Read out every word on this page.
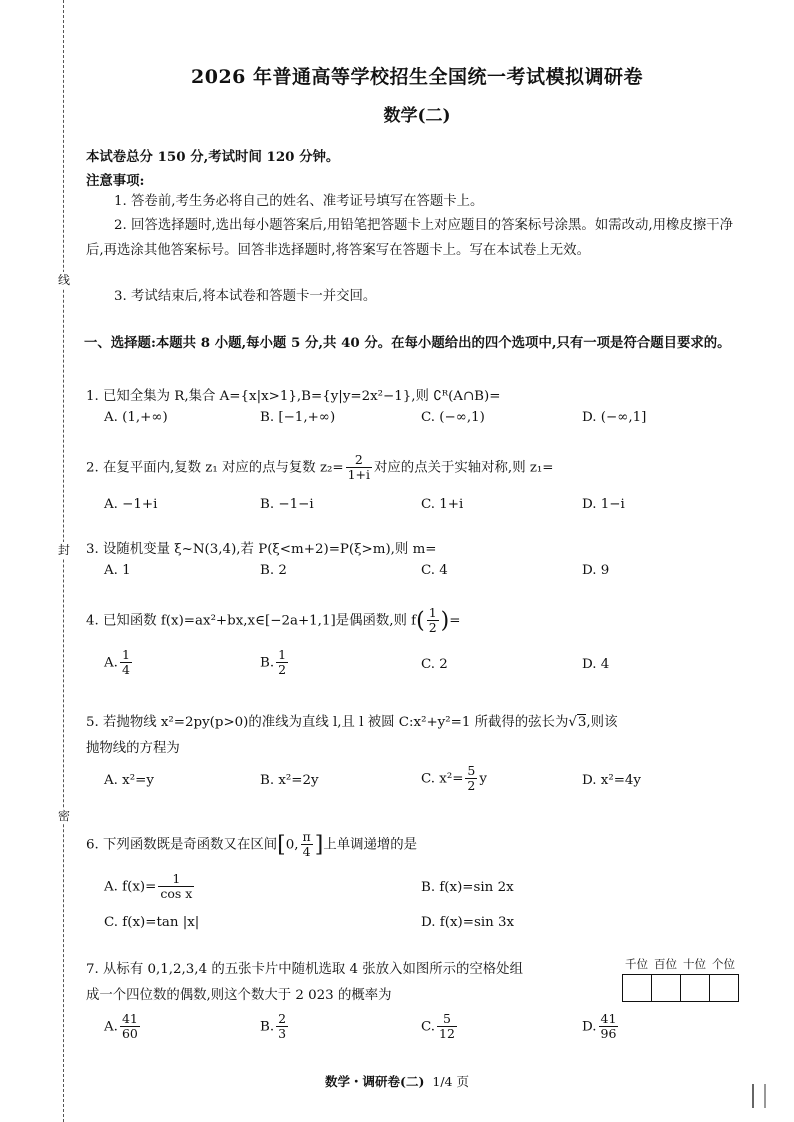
线
封
密
2026 年普通高等学校招生全国统一考试模拟调研卷
数学(二)
本试卷总分 150 分,考试时间 120 分钟。
注意事项:
1. 答卷前,考生务必将自己的姓名、准考证号填写在答题卡上。
2. 回答选择题时,选出每小题答案后,用铅笔把答题卡上对应题目的答案标号涂黑。如需改动,用橡皮擦干净后,再选涂其他答案标号。回答非选择题时,将答案写在答题卡上。写在本试卷上无效。
3. 考试结束后,将本试卷和答题卡一并交回。
一、选择题:本题共 8 小题,每小题 5 分,共 40 分。在每小题给出的四个选项中,只有一项是符合题目要求的。
1. 已知全集为 R,集合 A={x|x>1},B={y|y=2x²−1},则 ∁ᴿ(A∩B)=
A. (1,+∞)	B. [−1,+∞)	C. (−∞,1)	D. (−∞,1]
2. 在复平面内,复数 z₁ 对应的点与复数 $z_2= \frac{2}{1+i}$ 对应的点关于实轴对称,则 z₁=
A. −1+i	B. −1−i	C. 1+i	D. 1−i
3. 设随机变量 ξ~N(3,4),若 P(ξ<m+2)=P(ξ>m),则 m=
A. 1	B. 2	C. 4	D. 9
4. 已知函数 f(x)=ax²+bx,x∈[−2a+1,1]是偶函数,则 $f( \frac{1}{2}$ )=
A. $\frac{1}{4}$	B. $\frac{1}{2}$	C. 2	D. 4
5. 若抛物线 x²=2py(p>0)的准线为直线 l,且 l 被圆 C:x²+y²=1 所截得的弦长为√3,则该
抛物线的方程为
A. x²=y	B. x²=2y	C. $x^2= \frac{5}{2}$ y	D. x²=4y
6. 下列函数既是奇函数又在区间[0, $\frac{\pi}{4}$ ]上单调递增的是
A. $f(x)= \frac{1}{\text{cos x}}$	B. f(x)=sin 2x
C. f(x)=tan |x|	D. f(x)=sin 3x
7. 从标有 0,1,2,3,4 的五张卡片中随机选取 4 张放入如图所示的空格处组
成一个四位数的偶数,则这个数大于 2 023 的概率为
千位 百位 十位 个位
A. $\frac{41}{60}$	B. $\frac{2}{3}$	C. $\frac{5}{12}$	D. $\frac{41}{96}$
数学・调研卷(二) 1/4 页
